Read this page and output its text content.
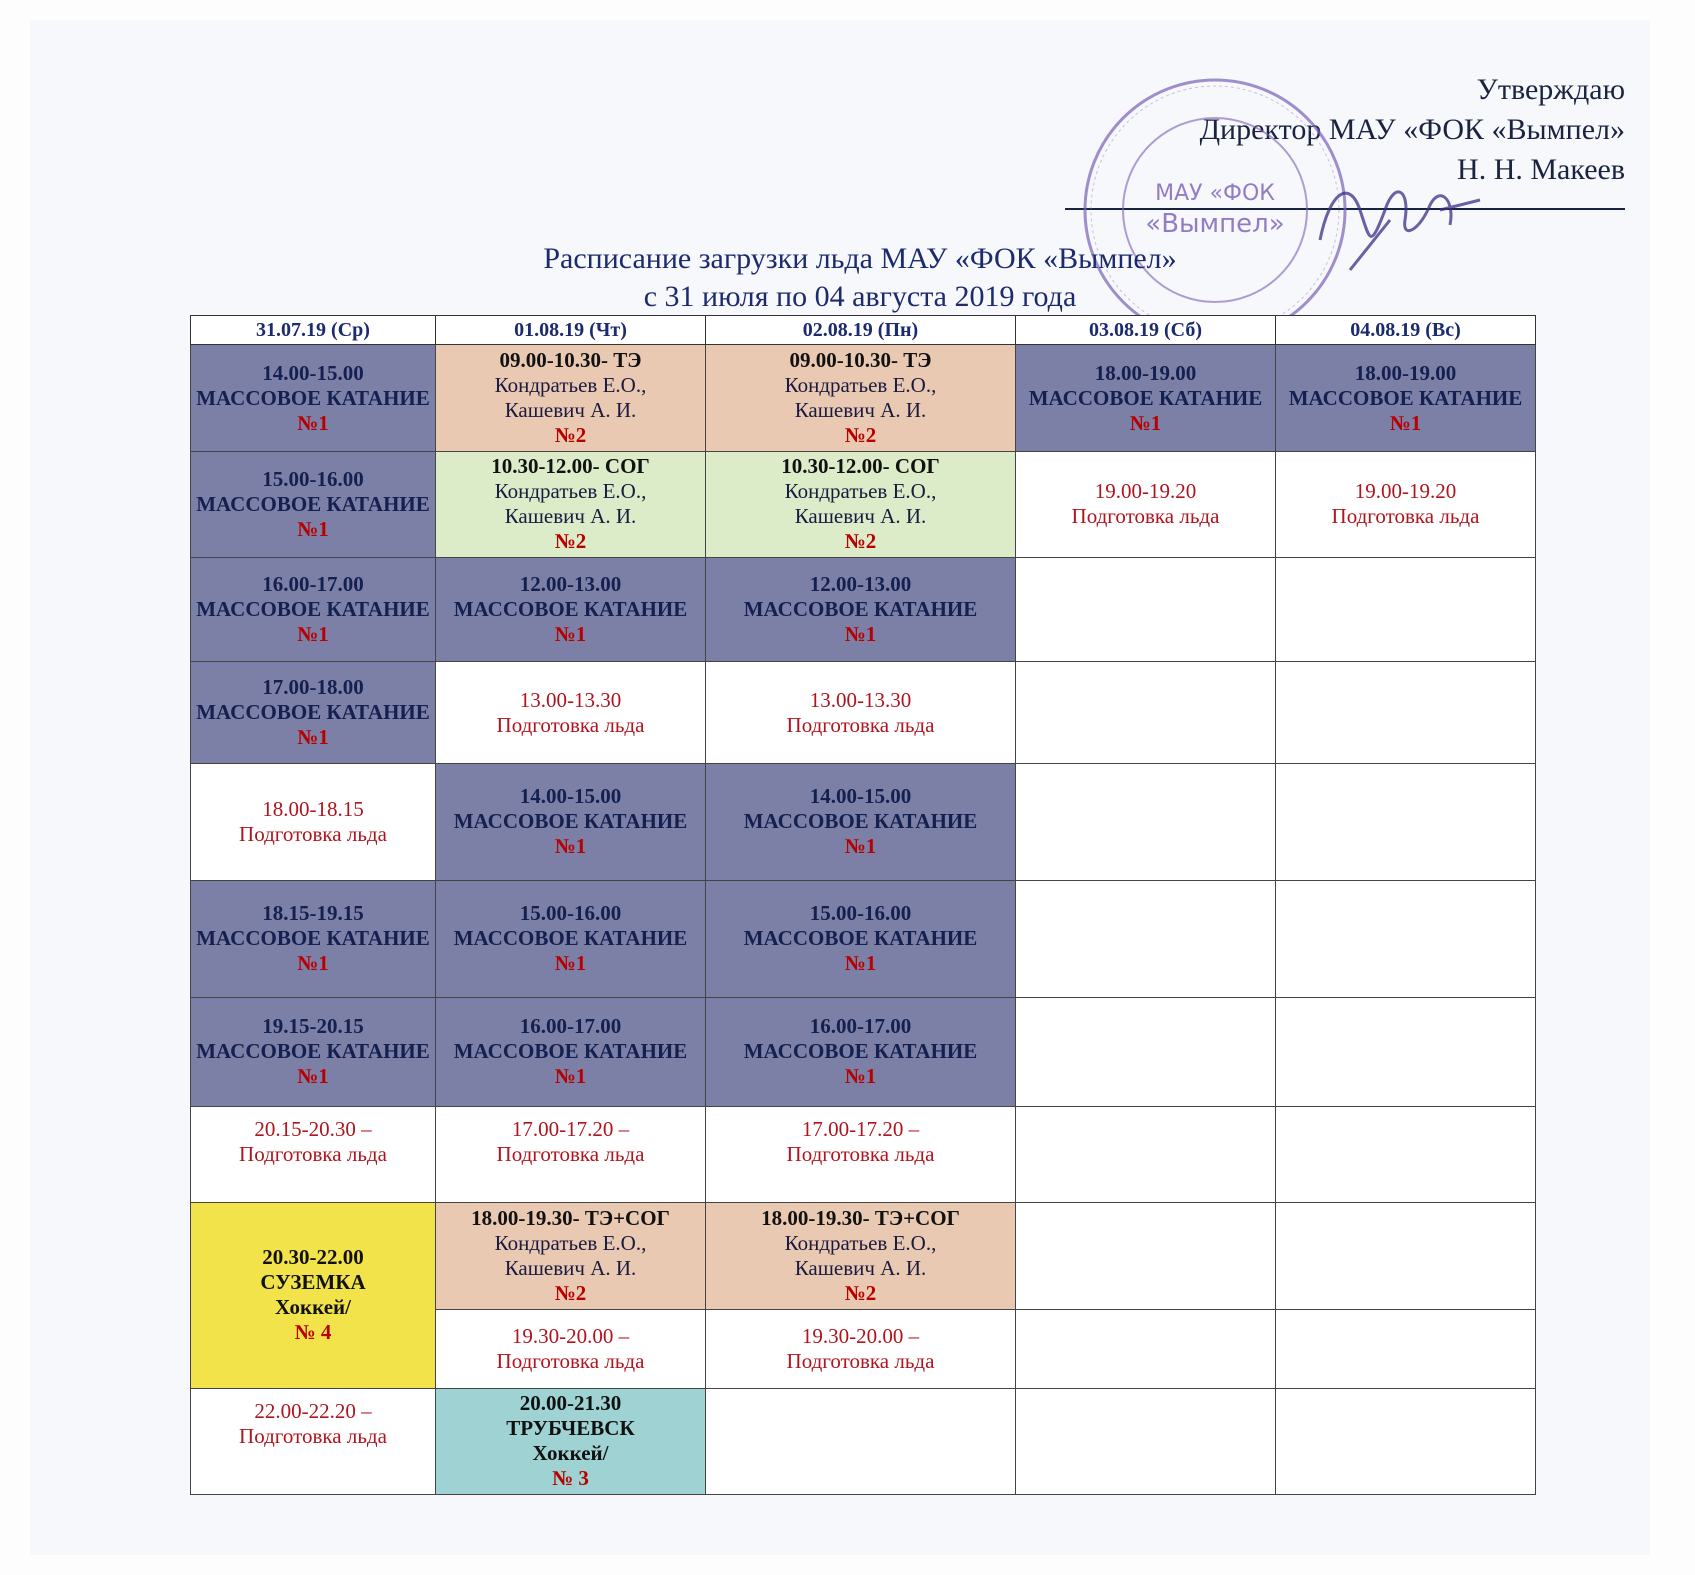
Утверждаю
Директор МАУ «ФОК «Вымпел»
Н. Н. Макеев
МАУ «ФОК
«Вымпел»
Расписание загрузки льда МАУ «ФОК «Вымпел»
с 31 июля по 04 августа 2019 года
31.07.19 (Ср)	01.08.19 (Чт)	02.08.19 (Пн)	03.08.19 (Сб)	04.08.19 (Вс)

14.00-15.00
МАССОВОЕ КАТАНИЕ
№1	09.00-10.30- ТЭ
Кондратьев Е.О.,
Кашевич А. И.
№2	09.00-10.30- ТЭ
Кондратьев Е.О.,
Кашевич А. И.
№2	18.00-19.00
МАССОВОЕ КАТАНИЕ
№1	18.00-19.00
МАССОВОЕ КАТАНИЕ
№1

15.00-16.00
МАССОВОЕ КАТАНИЕ
№1	10.30-12.00- СОГ
Кондратьев Е.О.,
Кашевич А. И.
№2	10.30-12.00- СОГ
Кондратьев Е.О.,
Кашевич А. И.
№2	19.00-19.20
Подготовка льда	19.00-19.20
Подготовка льда

16.00-17.00
МАССОВОЕ КАТАНИЕ
№1	12.00-13.00
МАССОВОЕ КАТАНИЕ
№1	12.00-13.00
МАССОВОЕ КАТАНИЕ
№1		

17.00-18.00
МАССОВОЕ КАТАНИЕ
№1	13.00-13.30
Подготовка льда	13.00-13.30
Подготовка льда		

18.00-18.15
Подготовка льда	14.00-15.00
МАССОВОЕ КАТАНИЕ
№1	14.00-15.00
МАССОВОЕ КАТАНИЕ
№1		

18.15-19.15
МАССОВОЕ КАТАНИЕ
№1	15.00-16.00
МАССОВОЕ КАТАНИЕ
№1	15.00-16.00
МАССОВОЕ КАТАНИЕ
№1		

19.15-20.15
МАССОВОЕ КАТАНИЕ
№1	16.00-17.00
МАССОВОЕ КАТАНИЕ
№1	16.00-17.00
МАССОВОЕ КАТАНИЕ
№1		

20.15-20.30 –
Подготовка льда	17.00-17.20 –
Подготовка льда	17.00-17.20 –
Подготовка льда		

20.30-22.00
СУЗЕМКА
Хоккей/
№ 4	18.00-19.30- ТЭ+СОГ
Кондратьев Е.О.,
Кашевич А. И.
№2	18.00-19.30- ТЭ+СОГ
Кондратьев Е.О.,
Кашевич А. И.
№2		

	19.30-20.00 –
Подготовка льда	19.30-20.00 –
Подготовка льда		

22.00-22.20 –
Подготовка льда	20.00-21.30
ТРУБЧЕВСК
Хоккей/
№ 3			
